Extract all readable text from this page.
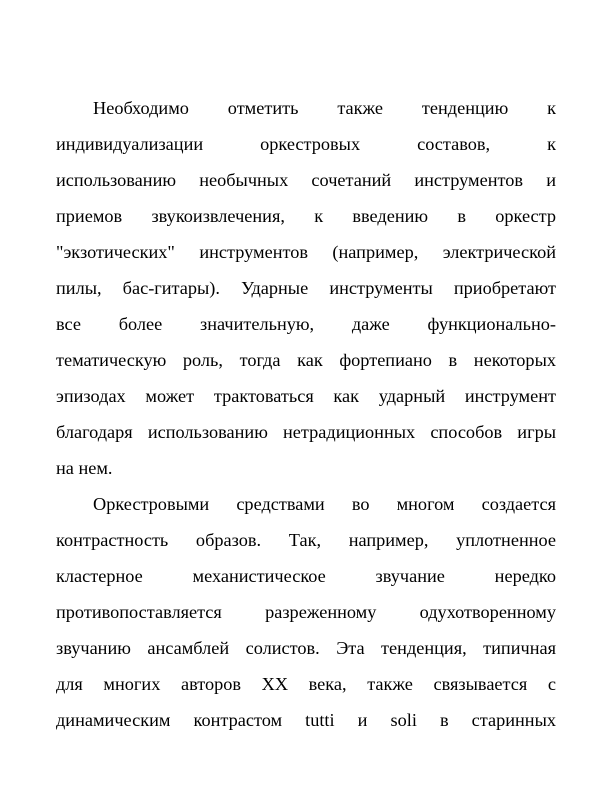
Необходимо отметить также тенденцию к
индивидуализации оркестровых составов, к
использованию необычных сочетаний инструментов и
приемов звукоизвлечения, к введению в оркестр
"экзотических" инструментов (например, электрической
пилы, бас-гитары). Ударные инструменты приобретают
все более значительную, даже функционально-
тематическую роль, тогда как фортепиано в некоторых
эпизодах может трактоваться как ударный инструмент
благодаря использованию нетрадиционных способов игры
на нем.
Оркестровыми средствами во многом создается
контрастность образов. Так, например, уплотненное
кластерное механистическое звучание нередко
противопоставляется разреженному одухотворенному
звучанию ансамблей солистов. Эта тенденция, типичная
для многих авторов XX века, также связывается с
динамическим контрастом tutti и soli в старинных
